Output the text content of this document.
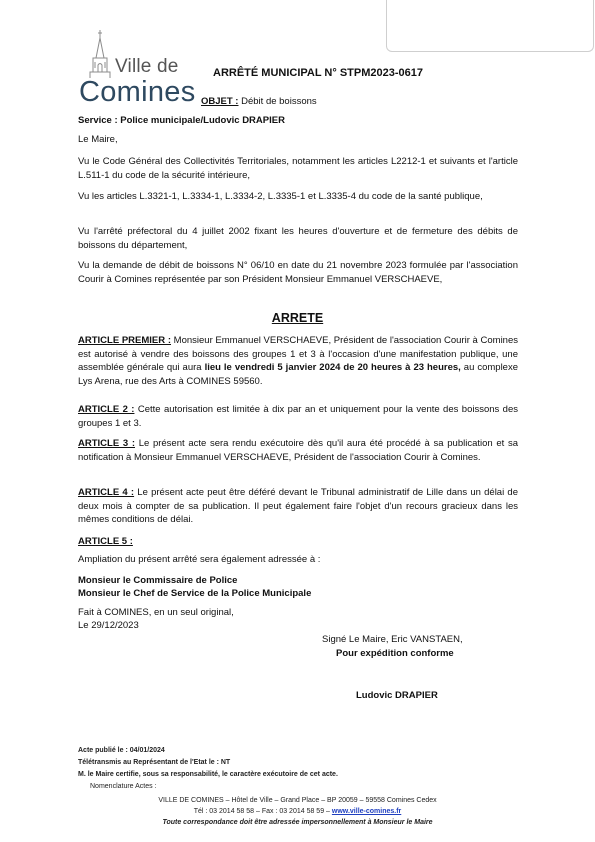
Ville de
Comines
ARRÊTÉ MUNICIPAL N° STPM2023-0617
OBJET : Débit de boissons
Service : Police municipale/Ludovic DRAPIER
Le Maire,
Vu le Code Général des Collectivités Territoriales, notamment les articles L2212-1 et suivants et l'article L.511-1 du code de la sécurité intérieure,
Vu les articles L.3321-1, L.3334-1, L.3334-2, L.3335-1 et L.3335-4 du code de la santé publique,
Vu l'arrêté préfectoral du 4 juillet 2002 fixant les heures d'ouverture et de fermeture des débits de boissons du département,
Vu la demande de débit de boissons N° 06/10 en date du 21 novembre 2023 formulée par l'association Courir à Comines représentée par son Président Monsieur Emmanuel VERSCHAEVE,
ARRETE
ARTICLE PREMIER : Monsieur Emmanuel VERSCHAEVE, Président de l'association Courir à Comines est autorisé à vendre des boissons des groupes 1 et 3 à l'occasion d'une manifestation publique, une assemblée générale qui aura lieu le vendredi 5 janvier 2024 de 20 heures à 23 heures, au complexe Lys Arena, rue des Arts à COMINES 59560.
ARTICLE 2 : Cette autorisation est limitée à dix par an et uniquement pour la vente des boissons des groupes 1 et 3.
ARTICLE 3 : Le présent acte sera rendu exécutoire dès qu'il aura été procédé à sa publication et sa notification à Monsieur Emmanuel VERSCHAEVE, Président de l'association Courir à Comines.
ARTICLE 4 : Le présent acte peut être déféré devant le Tribunal administratif de Lille dans un délai de deux mois à compter de sa publication. Il peut également faire l'objet d'un recours gracieux dans les mêmes conditions de délai.
ARTICLE 5 :
Ampliation du présent arrêté sera également adressée à :
Monsieur le Commissaire de Police
Monsieur le Chef de Service de la Police Municipale
Fait à COMINES, en un seul original,
Le 29/12/2023
Signé Le Maire, Eric VANSTAEN,
Pour expédition conforme
Ludovic DRAPIER
Acte publié le : 04/01/2024
Télétransmis au Représentant de l'Etat le : NT
M. le Maire certifie, sous sa responsabilité, le caractère exécutoire de cet acte.
Nomenclature Actes :
VILLE DE COMINES – Hôtel de Ville – Grand Place – BP 20059 – 59558 Comines Cedex
Tél : 03 2014 58 58 – Fax : 03 2014 58 59 – www.ville-comines.fr
Toute correspondance doit être adressée impersonnellement à Monsieur le Maire
